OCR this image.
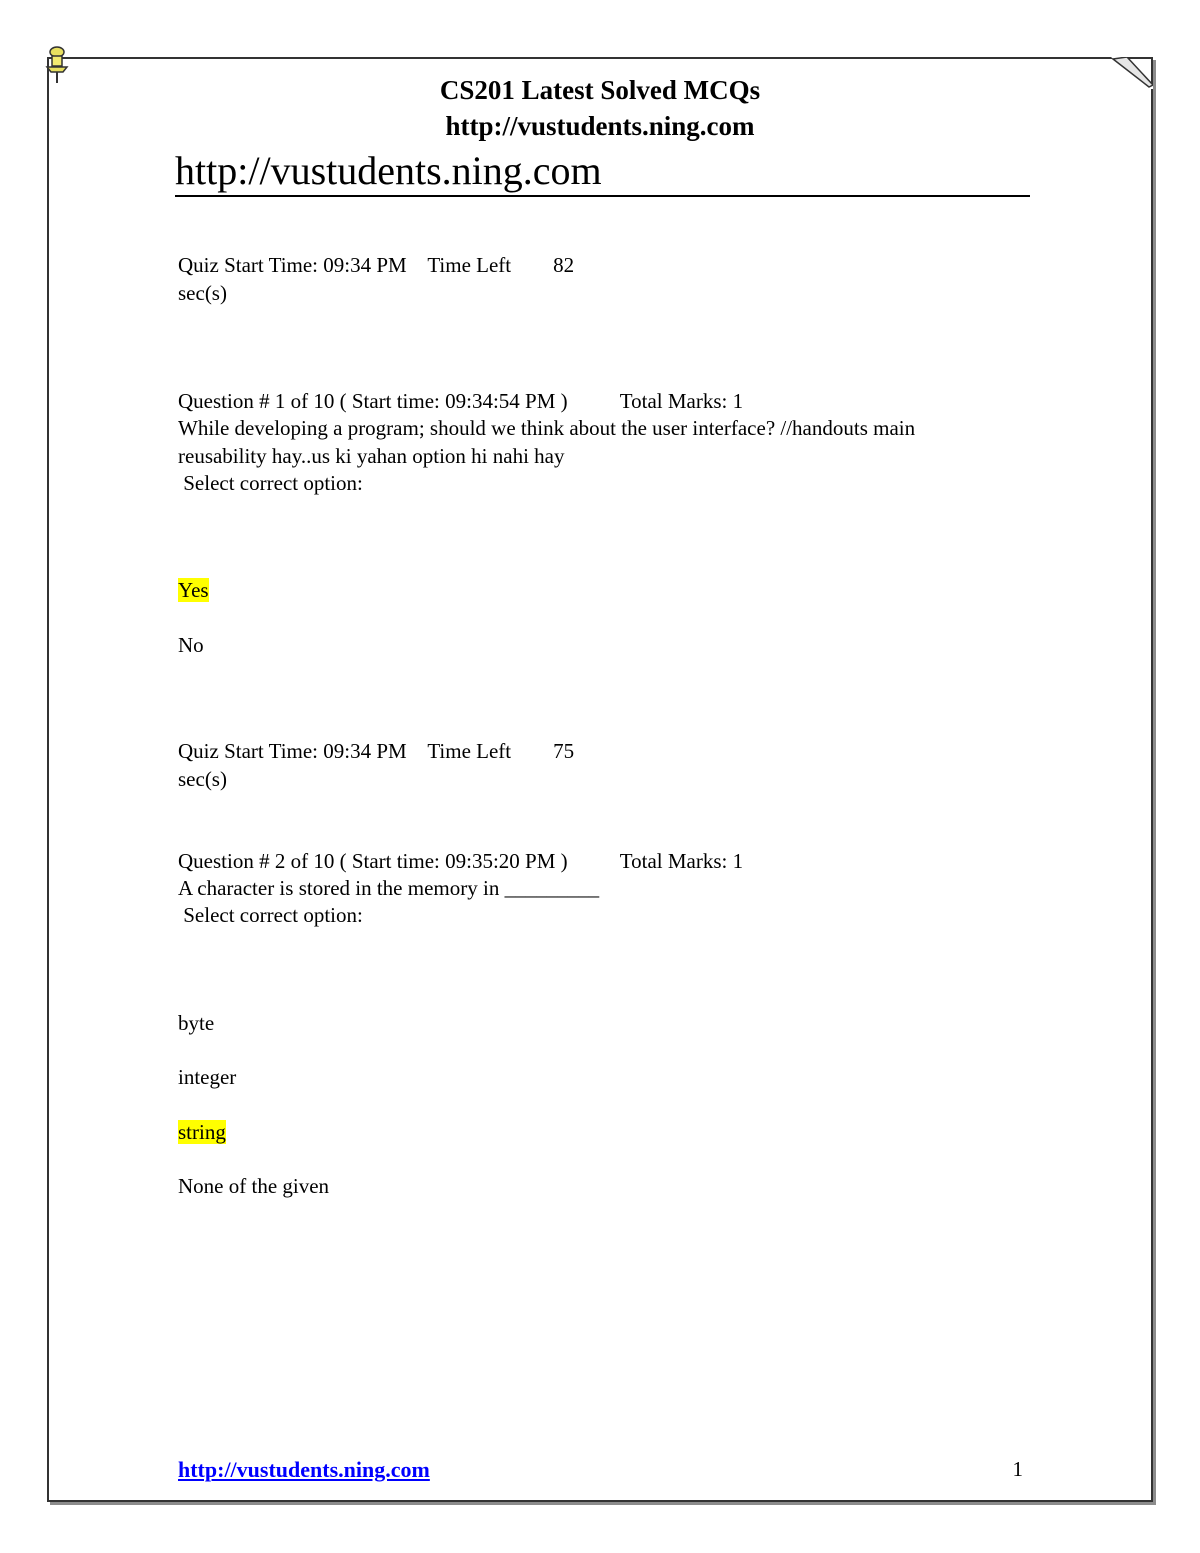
CS201 Latest Solved MCQs
http://vustudents.ning.com
http://vustudents.ning.com
Quiz Start Time: 09:34 PM    Time Left        82
sec(s)
Question # 1 of 10 ( Start time: 09:34:54 PM )          Total Marks: 1
While developing a program; should we think about the user interface? //handouts main
reusability hay..us ki yahan option hi nahi hay
Select correct option:
Yes
No
Quiz Start Time: 09:34 PM    Time Left        75
sec(s)
Question # 2 of 10 ( Start time: 09:35:20 PM )          Total Marks: 1
A character is stored in the memory in _________
Select correct option:
byte
integer
string
None of the given
http://vustudents.ning.com	1
